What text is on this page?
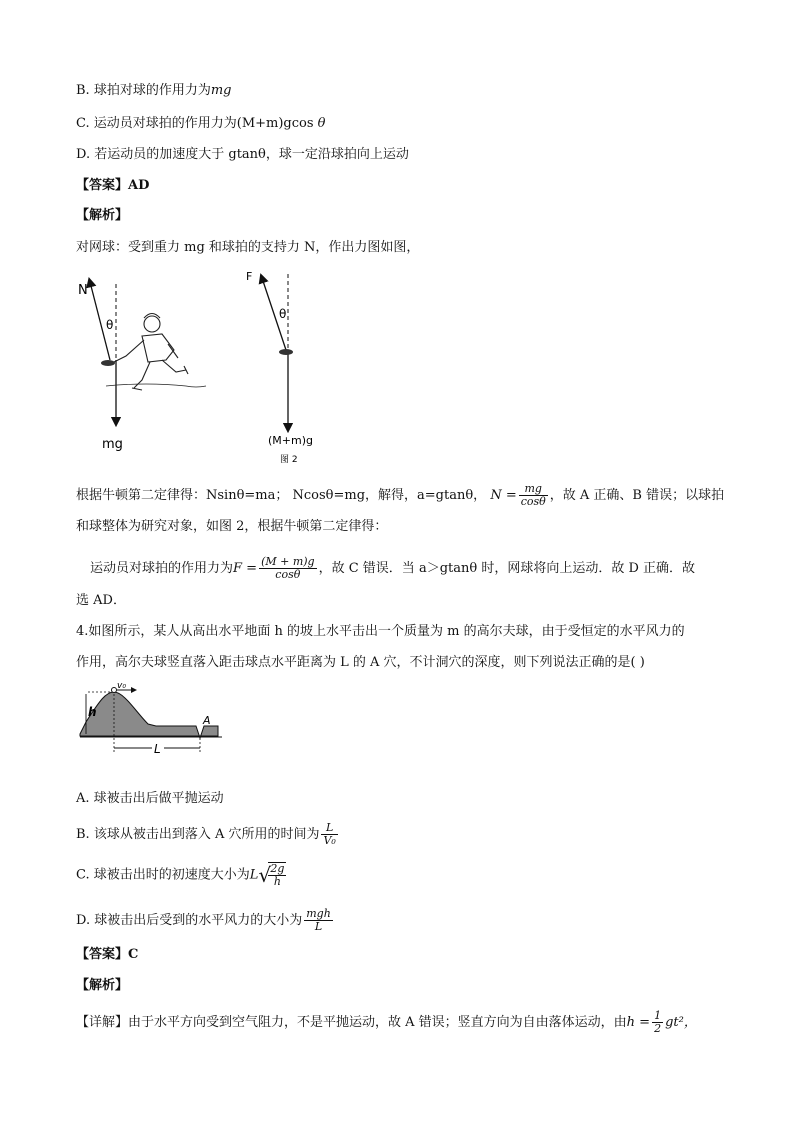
B. 球拍对球的作用力为mg
C. 运动员对球拍的作用力为(M+m)gcos θ
D. 若运动员的加速度大于 gtanθ，球一定沿球拍向上运动
【答案】AD
【解析】
对网球：受到重力 mg 和球拍的支持力 N，作出力图如图，
N
θ
mg
F
θ
(M+m)g
图 2
根据牛顿第二定律得：Nsinθ=ma； Ncosθ=mg，解得，a=gtanθ， $N = \frac{mg}{\cos\theta}$ ，故 A 正确、B 错误；以球拍
和球整体为研究对象，如图 2，根据牛顿第二定律得：
运动员对球拍的作用力为$F = \frac{(M + m)g}{\cos\theta}$ ，故 C 错误．当 a＞gtanθ 时，网球将向上运动．故 D 正确．故
选 AD．
4.如图所示，某人从高出水平地面 h 的坡上水平击出一个质量为 m 的高尔夫球，由于受恒定的水平风力的
作用，高尔夫球竖直落入距击球点水平距离为 L 的 A 穴，不计洞穴的深度，则下列说法正确的是( )
h
v₀
A
L
A. 球被击出后做平抛运动
B. 该球从被击出到落入 A 穴所用的时间为 $\frac{L}{\text{V₀}}$
C. 球被击出时的初速度大小为L √
$\frac{2g}{h}$
D. 球被击出后受到的水平风力的大小为 $\frac{\text{mgh}}{L}$
【答案】C
【解析】
【详解】由于水平方向受到空气阻力，不是平抛运动，故 A 错误；竖直方向为自由落体运动，由$h = \frac{1}{2} gt^2$，
